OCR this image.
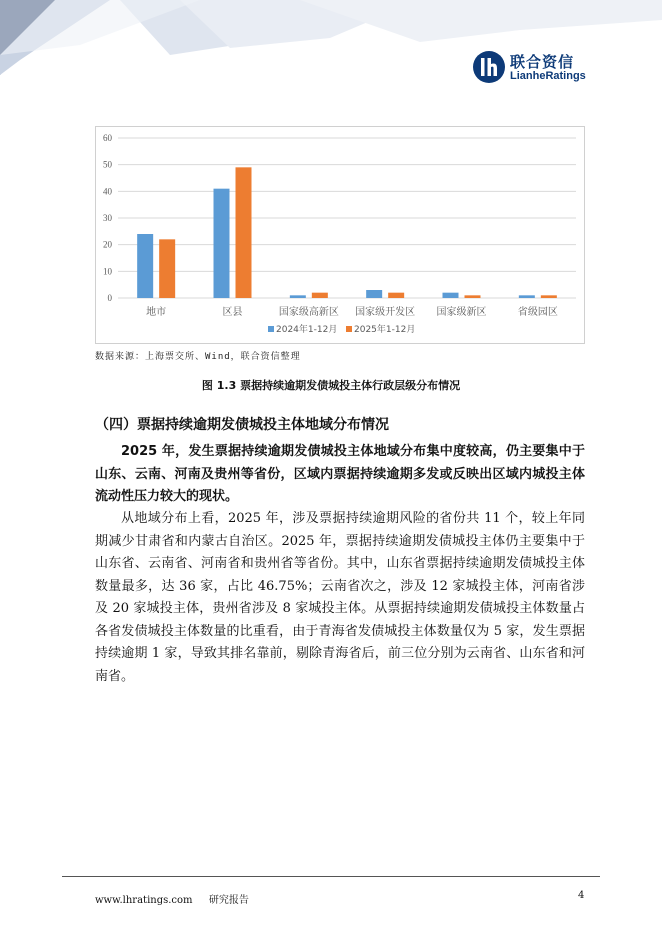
联合资信
LianheRatings
0
10
20
30
40
50
60
地市	区县	国家级高新区 国家级开发区 国家级新区	省级园区
2024年1-12月 2025年1-12月
数据来源：上海票交所、Wind，联合资信整理
图 1.3 票据持续逾期发债城投主体行政层级分布情况
（四）票据持续逾期发债城投主体地域分布情况

2025 年，发生票据持续逾期发债城投主体地域分布集中度较高，仍主要集中于山东、云南、河南及贵州等省份，区域内票据持续逾期多发或反映出区域内城投主体流动性压力较大的现状。

从地域分布上看，2025 年，涉及票据持续逾期风险的省份共 11 个，较上年同期减少甘肃省和内蒙古自治区。2025 年，票据持续逾期发债城投主体仍主要集中于山东省、云南省、河南省和贵州省等省份。其中，山东省票据持续逾期发债城投主体数量最多，达 36 家，占比 46.75%；云南省次之，涉及 12 家城投主体，河南省涉及 20 家城投主体，贵州省涉及 8 家城投主体。从票据持续逾期发债城投主体数量占各省发债城投主体数量的比重看，由于青海省发债城投主体数量仅为 5 家，发生票据持续逾期 1 家，导致其排名靠前，剔除青海省后，前三位分别为云南省、山东省和河南省。

www.lhratings.com 研究报告	4
